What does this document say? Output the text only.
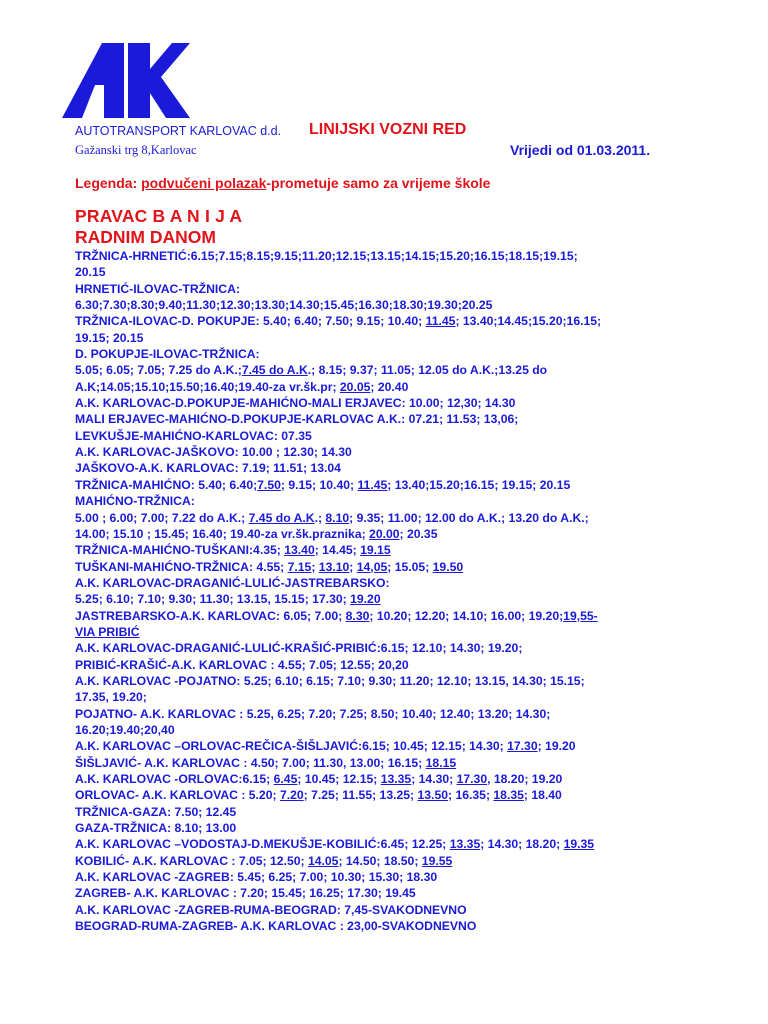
AUTOTRANSPORT KARLOVAC d.d.
Gažanski trg 8,Karlovac
LINIJSKI VOZNI RED
Vrijedi od 01.03.2011.
Legenda: podvučeni polazak-prometuje samo za vrijeme škole
PRAVAC B A N I J A
RADNIM DANOM
TRŽNICA-HRNETIĆ:6.15;7.15;8.15;9.15;11.20;12.15;13.15;14.15;15.20;16.15;18.15;19.15;
20.15
HRNETIĆ-ILOVAC-TRŽNICA:
6.30;7.30;8.30;9.40;11.30;12.30;13.30;14.30;15.45;16.30;18.30;19.30;20.25
TRŽNICA-ILOVAC-D. POKUPJE: 5.40; 6.40; 7.50; 9.15; 10.40; 11.45; 13.40;14.45;15.20;16.15;
19.15; 20.15
D. POKUPJE-ILOVAC-TRŽNICA:
5.05; 6.05; 7.05; 7.25 do A.K.;7.45 do A.K.; 8.15; 9.37; 11.05; 12.05 do A.K.;13.25 do
A.K;14.05;15.10;15.50;16.40;19.40-za vr.šk.pr; 20.05; 20.40
A.K. KARLOVAC-D.POKUPJE-MAHIĆNO-MALI ERJAVEC: 10.00; 12,30; 14.30
MALI ERJAVEC-MAHIĆNO-D.POKUPJE-KARLOVAC A.K.: 07.21; 11.53; 13,06;
LEVKUŠJE-MAHIĆNO-KARLOVAC: 07.35
A.K. KARLOVAC-JAŠKOVO: 10.00 ; 12.30; 14.30
JAŠKOVO-A.K. KARLOVAC: 7.19; 11.51; 13.04
TRŽNICA-MAHIĆNO: 5.40; 6.40;7.50; 9.15; 10.40; 11.45; 13.40;15.20;16.15; 19.15; 20.15
MAHIĆNO-TRŽNICA:
5.00 ; 6.00; 7.00; 7.22 do A.K.; 7.45 do A.K.; 8.10; 9.35; 11.00; 12.00 do A.K.; 13.20 do A.K.;
14.00; 15.10 ; 15.45; 16.40; 19.40-za vr.šk.praznika; 20.00; 20.35
TRŽNICA-MAHIĆNO-TUŠKANI:4.35; 13.40; 14.45; 19.15
TUŠKANI-MAHIĆNO-TRŽNICA: 4.55; 7.15; 13.10; 14,05; 15.05; 19.50
A.K. KARLOVAC-DRAGANIĆ-LULIĆ-JASTREBARSKO:
5.25; 6.10; 7.10; 9.30; 11.30; 13.15, 15.15; 17.30; 19.20
JASTREBARSKO-A.K. KARLOVAC: 6.05; 7.00; 8.30; 10.20; 12.20; 14.10; 16.00; 19.20;19,55-
VIA PRIBIĆ
A.K. KARLOVAC-DRAGANIĆ-LULIĆ-KRAŠIĆ-PRIBIĆ:6.15; 12.10; 14.30; 19.20;
PRIBIĆ-KRAŠIĆ-A.K. KARLOVAC : 4.55; 7.05; 12.55; 20,20
A.K. KARLOVAC -POJATNO: 5.25; 6.10; 6.15; 7.10; 9.30; 11.20; 12.10; 13.15, 14.30; 15.15;
17.35, 19.20;
POJATNO- A.K. KARLOVAC : 5.25, 6.25; 7.20; 7.25; 8.50; 10.40; 12.40; 13.20; 14.30;
16.20;19.40;20,40
A.K. KARLOVAC –ORLOVAC-REČICA-ŠIŠLJAVIĆ:6.15; 10.45; 12.15; 14.30; 17.30; 19.20
ŠIŠLJAVIĆ- A.K. KARLOVAC : 4.50; 7.00; 11.30, 13.00; 16.15; 18.15
A.K. KARLOVAC -ORLOVAC:6.15; 6.45; 10.45; 12.15; 13.35; 14.30; 17.30, 18.20; 19.20
ORLOVAC- A.K. KARLOVAC : 5.20; 7.20; 7.25; 11.55; 13.25; 13.50; 16.35; 18.35; 18.40
TRŽNICA-GAZA: 7.50; 12.45
GAZA-TRŽNICA: 8.10; 13.00
A.K. KARLOVAC –VODOSTAJ-D.MEKUŠJE-KOBILIĆ:6.45; 12.25; 13.35; 14.30; 18.20; 19.35
KOBILIĆ- A.K. KARLOVAC : 7.05; 12.50; 14.05; 14.50; 18.50; 19.55
A.K. KARLOVAC -ZAGREB: 5.45; 6.25; 7.00; 10.30; 15.30; 18.30
ZAGREB- A.K. KARLOVAC : 7.20; 15.45; 16.25; 17.30; 19.45
A.K. KARLOVAC -ZAGREB-RUMA-BEOGRAD: 7,45-SVAKODNEVNO
BEOGRAD-RUMA-ZAGREB- A.K. KARLOVAC : 23,00-SVAKODNEVNO
